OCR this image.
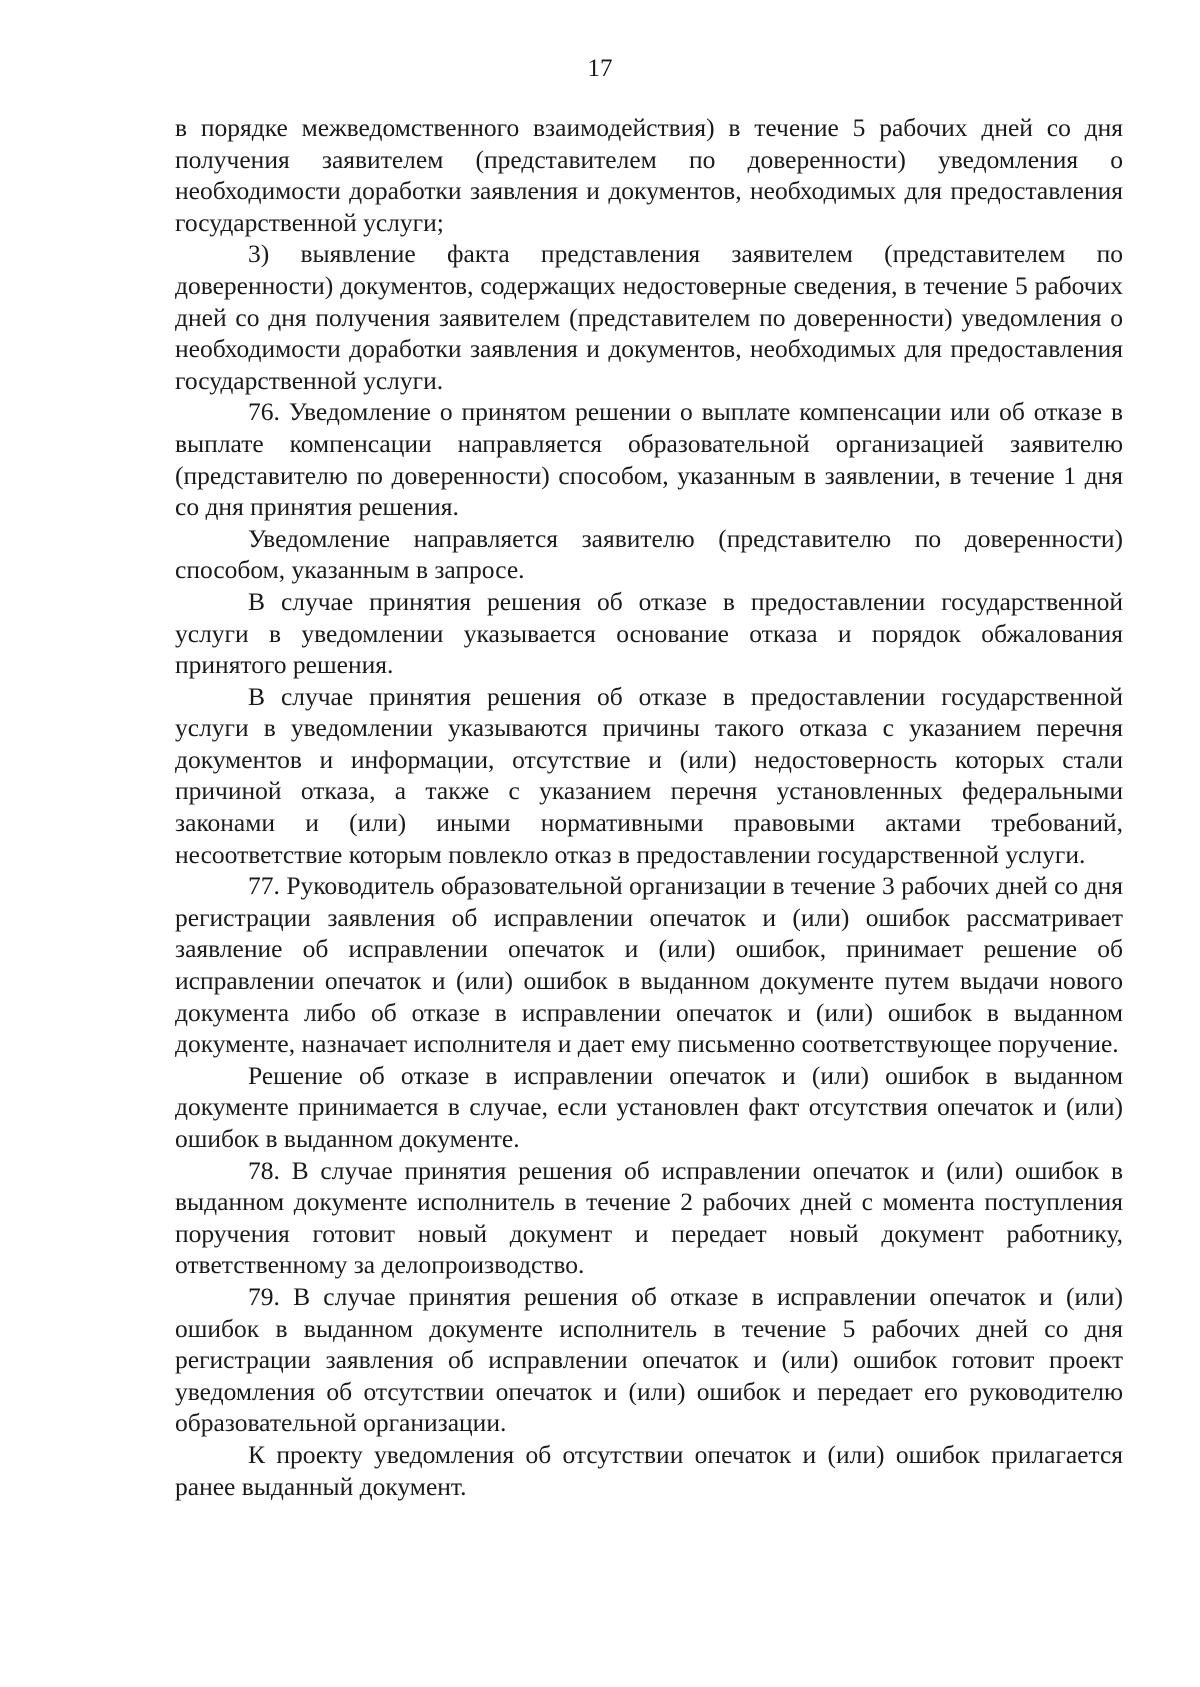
17

в порядке межведомственного взаимодействия) в течение 5 рабочих дней со дня получения заявителем (представителем по доверенности) уведомления о необходимости доработки заявления и документов, необходимых для предоставления государственной услуги;

3) выявление факта представления заявителем (представителем по доверенности) документов, содержащих недостоверные сведения, в течение 5 рабочих дней со дня получения заявителем (представителем по доверенности) уведомления о необходимости доработки заявления и документов, необходимых для предоставления государственной услуги.

76. Уведомление о принятом решении о выплате компенсации или об отказе в выплате компенсации направляется образовательной организацией заявителю (представителю по доверенности) способом, указанным в заявлении, в течение 1 дня со дня принятия решения.

Уведомление направляется заявителю (представителю по доверенности) способом, указанным в запросе.

В случае принятия решения об отказе в предоставлении государственной услуги в уведомлении указывается основание отказа и порядок обжалования принятого решения.

В случае принятия решения об отказе в предоставлении государственной услуги в уведомлении указываются причины такого отказа с указанием перечня документов и информации, отсутствие и (или) недостоверность которых стали причиной отказа, а также с указанием перечня установленных федеральными законами и (или) иными нормативными правовыми актами требований, несоответствие которым повлекло отказ в предоставлении государственной услуги.

77. Руководитель образовательной организации в течение 3 рабочих дней со дня регистрации заявления об исправлении опечаток и (или) ошибок рассматривает заявление об исправлении опечаток и (или) ошибок, принимает решение об исправлении опечаток и (или) ошибок в выданном документе путем выдачи нового документа либо об отказе в исправлении опечаток и (или) ошибок в выданном документе, назначает исполнителя и дает ему письменно соответствующее поручение.

Решение об отказе в исправлении опечаток и (или) ошибок в выданном документе принимается в случае, если установлен факт отсутствия опечаток и (или) ошибок в выданном документе.

78. В случае принятия решения об исправлении опечаток и (или) ошибок в выданном документе исполнитель в течение 2 рабочих дней с момента поступления поручения готовит новый документ и передает новый документ работнику, ответственному за делопроизводство.

79. В случае принятия решения об отказе в исправлении опечаток и (или) ошибок в выданном документе исполнитель в течение 5 рабочих дней со дня регистрации заявления об исправлении опечаток и (или) ошибок готовит проект уведомления об отсутствии опечаток и (или) ошибок и передает его руководителю образовательной организации.

К проекту уведомления об отсутствии опечаток и (или) ошибок прилагается ранее выданный документ.
